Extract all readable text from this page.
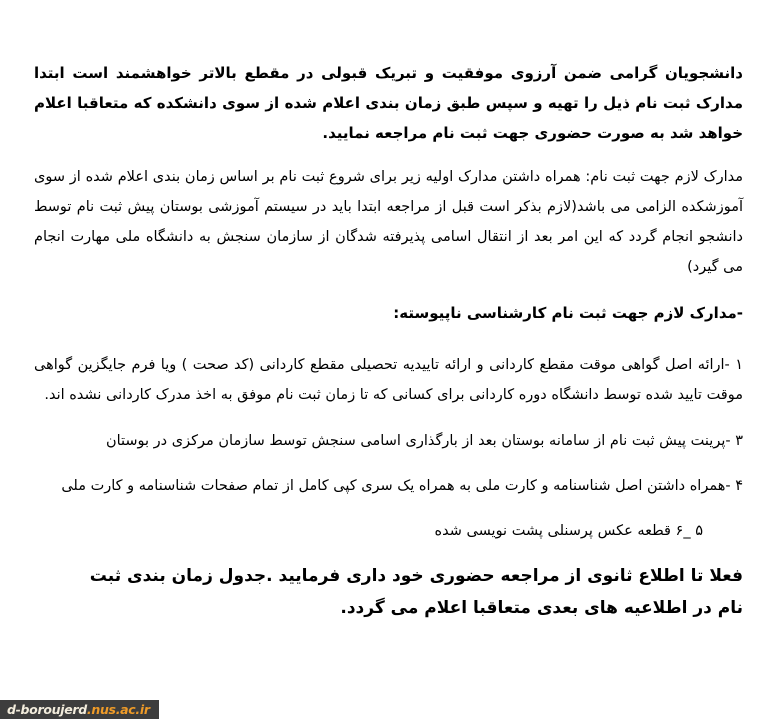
دانشجویان گرامی ضمن آرزوی موفقیت و تبریک قبولی در مقطع بالاتر خواهشمند است ابتدا مدارک ثبت نام ذیل را تهیه و سپس طبق زمان بندی اعلام شده از سوی دانشکده که متعاقبا اعلام خواهد شد به صورت حضوری جهت ثبت نام مراجعه نمایید.

مدارک لازم جهت ثبت نام: همراه داشتن مدارک اولیه زیر برای شروع ثبت نام بر اساس زمان بندی اعلام شده از سوی آموزشکده الزامی می باشد(لازم بذکر است قبل از مراجعه ابتدا باید در سیستم آموزشی بوستان پیش ثبت نام توسط دانشجو انجام گردد که این امر بعد از انتقال اسامی پذیرفته شدگان از سازمان سنجش به دانشگاه ملی مهارت انجام می گیرد)

-مدارک لازم جهت ثبت نام کارشناسی ناپیوسته:

۱ -ارائه اصل گواهی موقت مقطع کاردانی و ارائه تاییدیه تحصیلی مقطع کاردانی (کد صحت ) ویا فرم جایگزین گواهی موقت تایید شده توسط دانشگاه دوره کاردانی برای کسانی که تا زمان ثبت نام موفق به اخذ مدرک کاردانی نشده اند.

۳ -پرینت پیش ثبت نام از سامانه بوستان بعد از بارگذاری اسامی سنجش توسط سازمان مرکزی در بوستان

۴ -همراه داشتن اصل شناسنامه و کارت ملی به همراه یک سری کپی کامل از تمام صفحات شناسنامه و کارت ملی

۵ _۶ قطعه عکس پرسنلی پشت نویسی شده

فعلا تا اطلاع ثانوی از مراجعه حضوری خود داری فرمایید .جدول زمان بندی ثبت نام در اطلاعیه های بعدی متعاقبا اعلام می گردد.

d-boroujerd .nus.ac.ir
